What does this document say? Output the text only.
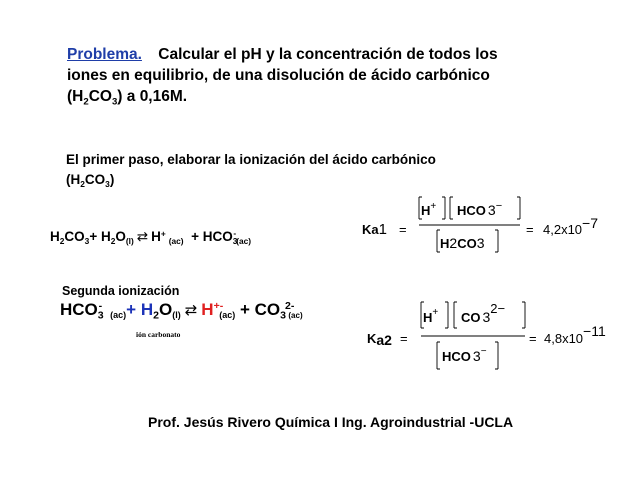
Problema. Calcular el pH y la concentración de todos los
iones en equilibrio, de una disolución de ácido carbónico
$(H_2CO_3)$ a 0,16M.
El primer paso, elaborar la ionización del ácido carbónico
$(H_2CO_3)$
$H_2CO_3+ H_2O_{(l)}$ ⇄ $H^+_{(ac)} + HCO_3^-_{(ac)}$
Ka1 =
H+ HCO 3−
H2CO3
= 4,2x10−7
Segunda ionización
$HCO_3^-_{(ac)}+ H_2O_{(l)}$ ⇄ $H^{+-}_{(ac)} + CO_3^{2-}_{(ac)}$
ión carbonato	Ka2 =
H+ CO 32−
HCO 3−
= 4,8x10−11
Prof. Jesús Rivero Química I Ing. Agroindustrial -UCLA
